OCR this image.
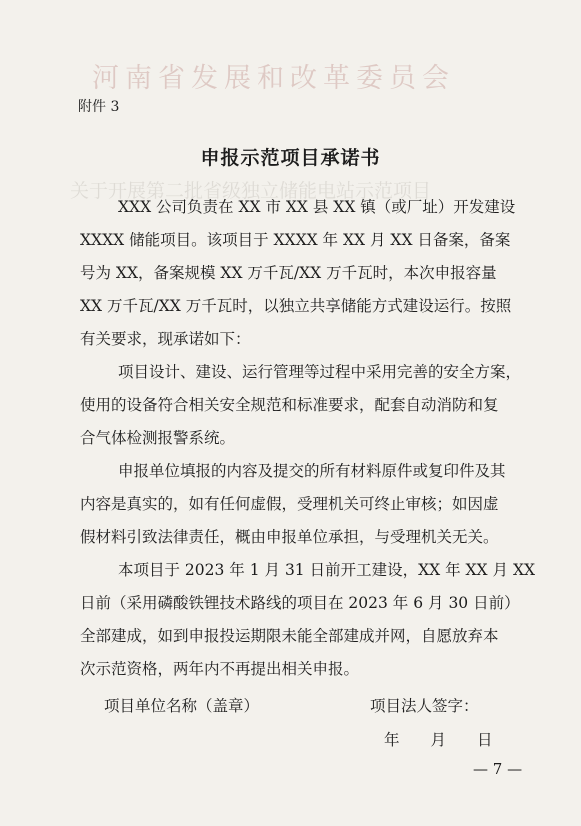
河南省发展和改革委员会
关于开展第二批省级独立储能电站示范项目
附件 3
申报示范项目承诺书
XXX 公司负责在 XX 市 XX 县 XX 镇（或厂址）开发建设
XXXX 储能项目。该项目于 XXXX 年 XX 月 XX 日备案，备案
号为 XX，备案规模 XX 万千瓦/XX 万千瓦时，本次申报容量
XX 万千瓦/XX 万千瓦时，以独立共享储能方式建设运行。按照
有关要求，现承诺如下：
项目设计、建设、运行管理等过程中采用完善的安全方案，
使用的设备符合相关安全规范和标准要求，配套自动消防和复
合气体检测报警系统。
申报单位填报的内容及提交的所有材料原件或复印件及其
内容是真实的，如有任何虚假，受理机关可终止审核；如因虚
假材料引致法律责任，概由申报单位承担，与受理机关无关。
本项目于 2023 年 1 月 31 日前开工建设，XX 年 XX 月 XX
日前（采用磷酸铁锂技术路线的项目在 2023 年 6 月 30 日前）
全部建成，如到申报投运期限未能全部建成并网，自愿放弃本
次示范资格，两年内不再提出相关申报。
项目单位名称（盖章）	项目法人签字：
年　　月　　日
— 7 —
